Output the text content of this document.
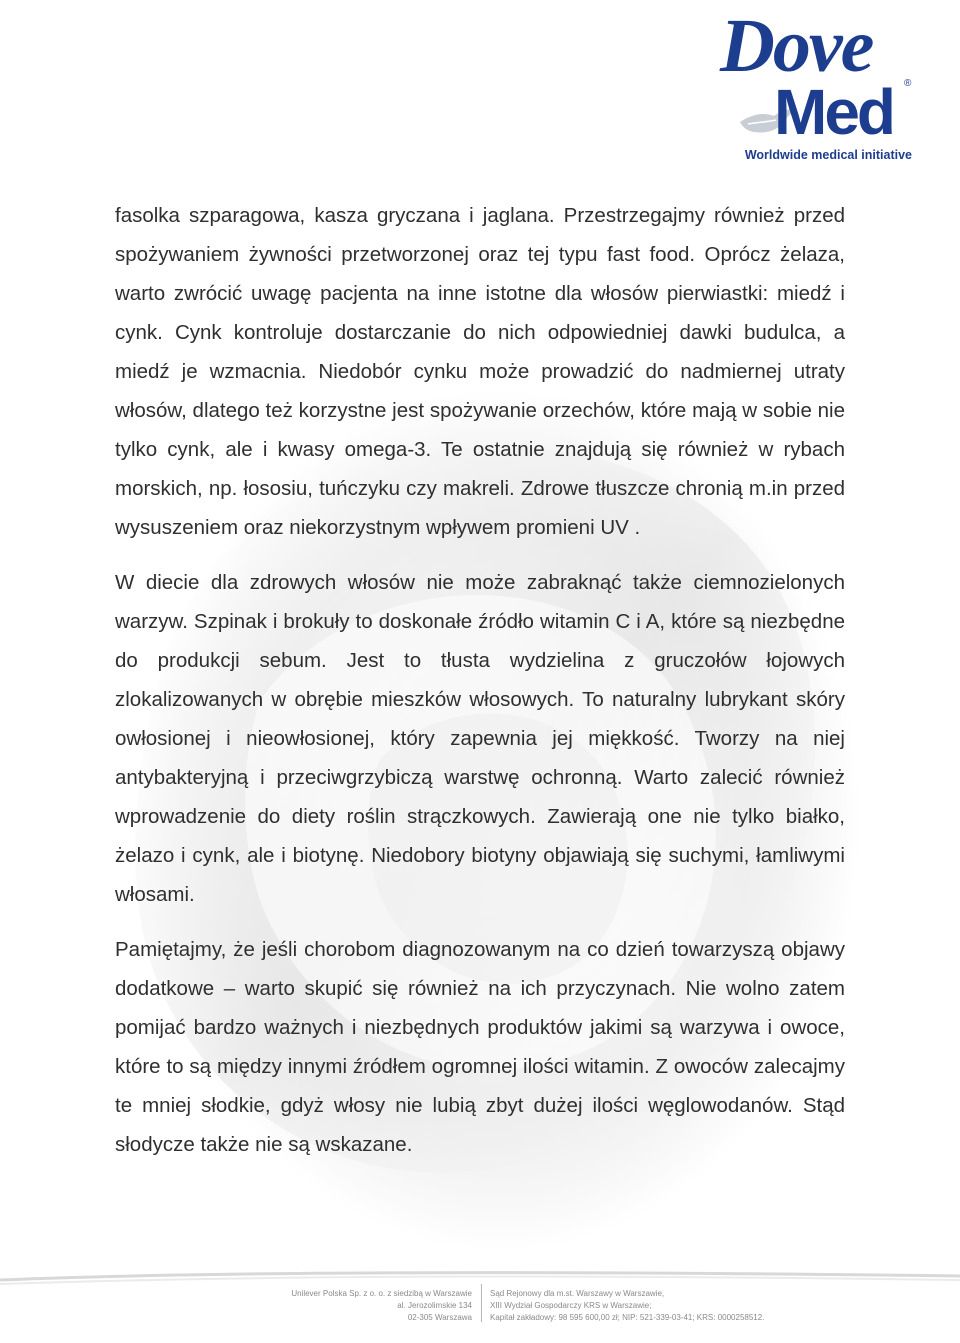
Dove
Med ®
Worldwide medical initiative

fasolka szparagowa, kasza gryczana i jaglana. Przestrzegajmy również przed spożywaniem żywności przetworzonej oraz tej typu fast food. Oprócz żelaza, warto zwrócić uwagę pacjenta na inne istotne dla włosów pierwiastki: miedź i cynk. Cynk kontroluje dostarczanie do nich odpowiedniej dawki budulca, a miedź je wzmacnia. Niedobór cynku może prowadzić do nadmiernej utraty włosów, dlatego też korzystne jest spożywanie orzechów, które mają w sobie nie tylko cynk, ale i kwasy omega-3. Te ostatnie znajdują się również w rybach morskich, np. łososiu, tuńczyku czy makreli. Zdrowe tłuszcze chronią m.in przed wysuszeniem oraz niekorzystnym wpływem promieni UV .

W diecie dla zdrowych włosów nie może zabraknąć także ciemnozielonych warzyw. Szpinak i brokuły to doskonałe źródło witamin C i A, które są niezbędne do produkcji sebum. Jest to tłusta wydzielina z gruczołów łojowych zlokalizowanych w obrębie mieszków włosowych. To naturalny lubrykant skóry owłosionej i nieowłosionej, który zapewnia jej miękkość. Tworzy na niej antybakteryjną i przeciwgrzybiczą warstwę ochronną. Warto zalecić również wprowadzenie do diety roślin strączkowych. Zawierają one nie tylko białko, żelazo i cynk, ale i biotynę. Niedobory biotyny objawiają się suchymi, łamliwymi włosami.

Pamiętajmy, że jeśli chorobom diagnozowanym na co dzień towarzyszą objawy dodatkowe – warto skupić się również na ich przyczynach. Nie wolno zatem pomijać bardzo ważnych i niezbędnych produktów jakimi są warzywa i owoce, które to są między innymi źródłem ogromnej ilości witamin. Z owoców zalecajmy te mniej słodkie, gdyż włosy nie lubią zbyt dużej ilości węglowodanów. Stąd słodycze także nie są wskazane.

Unilever Polska Sp. z o. o. z siedzibą w Warszawie
al. Jerozolimskie 134
02-305 Warszawa
Sąd Rejonowy dla m.st. Warszawy w Warszawie,
XIII Wydział Gospodarczy KRS w Warszawie;
Kapitał zakładowy: 98 595 600,00 zł; NIP: 521-339-03-41; KRS: 0000258512.
